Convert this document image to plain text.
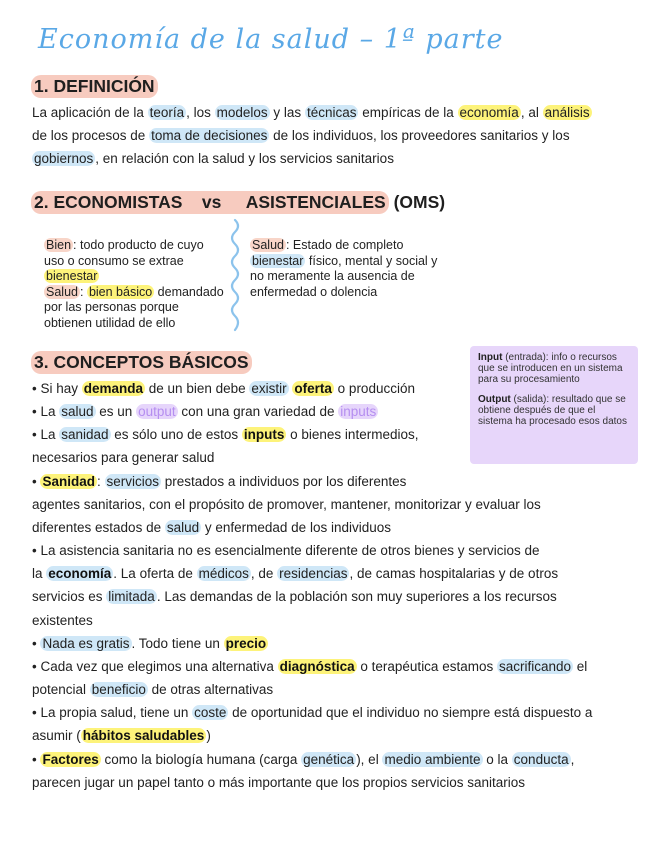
Economía de la salud – 1ª parte
1. DEFINICIÓN

La aplicación de la teoría , los modelos y las técnicas empíricas de la economía , al análisis
de los procesos de toma de decisiones de los individuos, los proveedores sanitarios y los
gobiernos , en relación con la salud y los servicios sanitarios

2. ECONOMISTAS vs ASISTENCIALES (OMS)

Bien : todo producto de cuyo

uso o consumo se extrae

bienestar

Salud : bien básico demandado

por las personas porque

obtienen utilidad de ello

Salud : Estado de completo

bienestar físico, mental y social y

no meramente la ausencia de

enfermedad o dolencia

3. CONCEPTOS BÁSICOS	Input (entrada): info o recursos que se introducen en un sistema para su procesamiento

Output (salida): resultado que se obtiene después de que el sistema ha procesado esos datos

• Si hay demanda de un bien debe existir oferta o producción
• La salud es un output con una gran variedad de inputs
• La sanidad es sólo uno de estos inputs o bienes intermedios,
necesarios para generar salud
• Sanidad : servicios prestados a individuos por los diferentes
agentes sanitarios, con el propósito de promover, mantener, monitorizar y evaluar los
diferentes estados de salud y enfermedad de los individuos
• La asistencia sanitaria no es esencialmente diferente de otros bienes y servicios de
la economía . La oferta de médicos , de residencias , de camas hospitalarias y de otros
servicios es limitada . Las demandas de la población son muy superiores a los recursos
existentes
• Nada es gratis . Todo tiene un precio
• Cada vez que elegimos una alternativa diagnóstica o terapéutica estamos sacrificando el
potencial beneficio de otras alternativas
• La propia salud, tiene un coste de oportunidad que el individuo no siempre está dispuesto a
asumir ( hábitos saludables )
• Factores como la biología humana (carga genética ), el medio ambiente o la conducta ,
parecen jugar un papel tanto o más importante que los propios servicios sanitarios
